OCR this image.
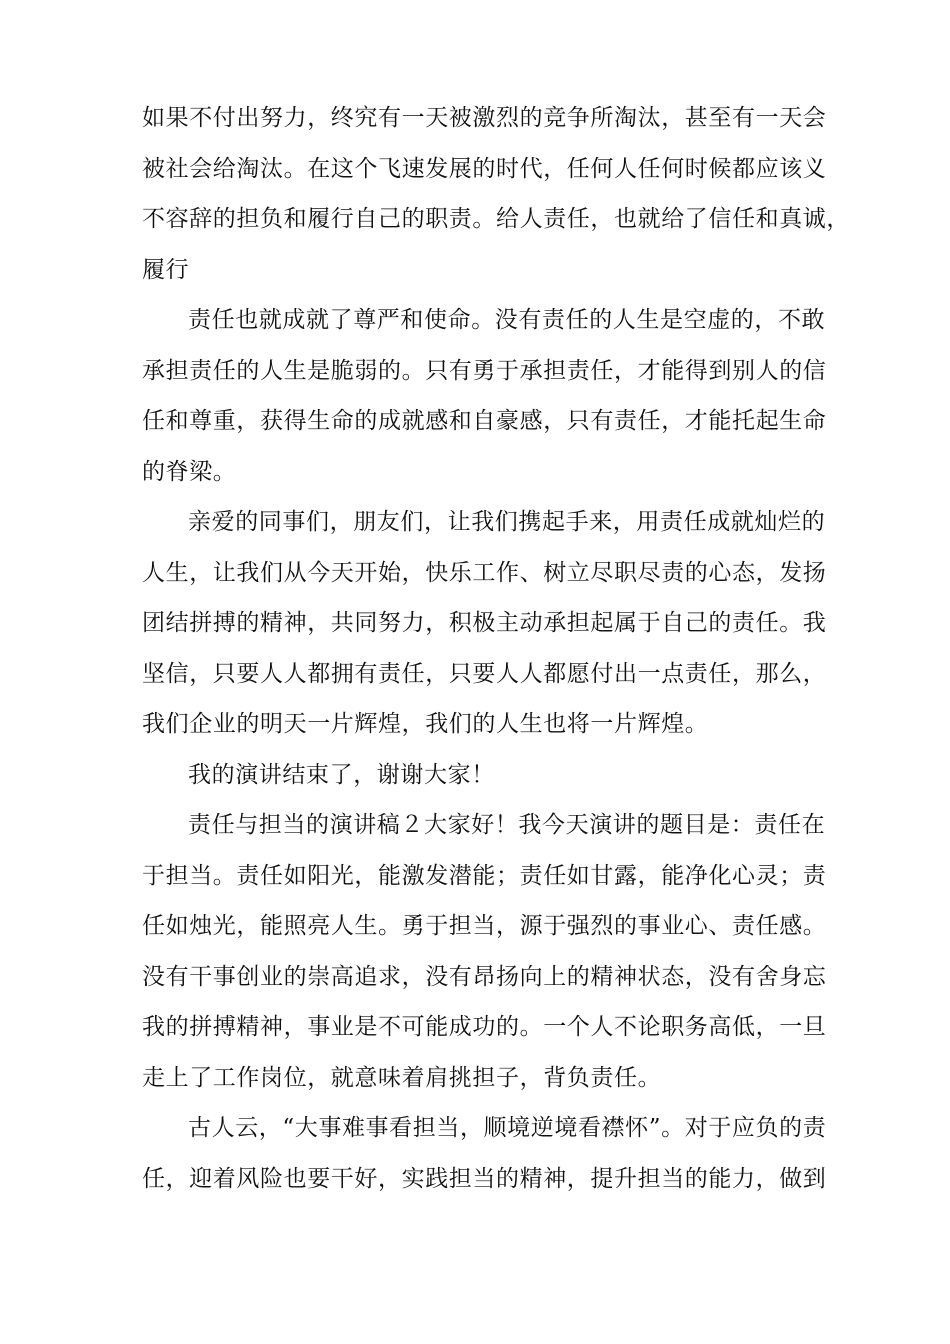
如果不付出努力，终究有一天被激烈的竞争所淘汰，甚至有一天会
被社会给淘汰。在这个飞速发展的时代，任何人任何时候都应该义
不容辞的担负和履行自己的职责。给人责任，也就给了信任和真诚，
履行

责任也就成就了尊严和使命。没有责任的人生是空虚的，不敢
承担责任的人生是脆弱的。只有勇于承担责任，才能得到别人的信
任和尊重，获得生命的成就感和自豪感，只有责任，才能托起生命
的脊梁。

亲爱的同事们，朋友们，让我们携起手来，用责任成就灿烂的
人生，让我们从今天开始，快乐工作、树立尽职尽责的心态，发扬
团结拼搏的精神，共同努力，积极主动承担起属于自己的责任。我
坚信，只要人人都拥有责任，只要人人都愿付出一点责任，那么，
我们企业的明天一片辉煌，我们的人生也将一片辉煌。

我的演讲结束了，谢谢大家！

责任与担当的演讲稿２大家好！我今天演讲的题目是：责任在
于担当。责任如阳光，能激发潜能；责任如甘露，能净化心灵；责
任如烛光，能照亮人生。勇于担当，源于强烈的事业心、责任感。
没有干事创业的崇高追求，没有昂扬向上的精神状态，没有舍身忘
我的拼搏精神，事业是不可能成功的。一个人不论职务高低，一旦
走上了工作岗位，就意味着肩挑担子，背负责任。

古人云，“大事难事看担当，顺境逆境看襟怀”。对于应负的责
任，迎着风险也要干好，实践担当的精神，提升担当的能力，做到
